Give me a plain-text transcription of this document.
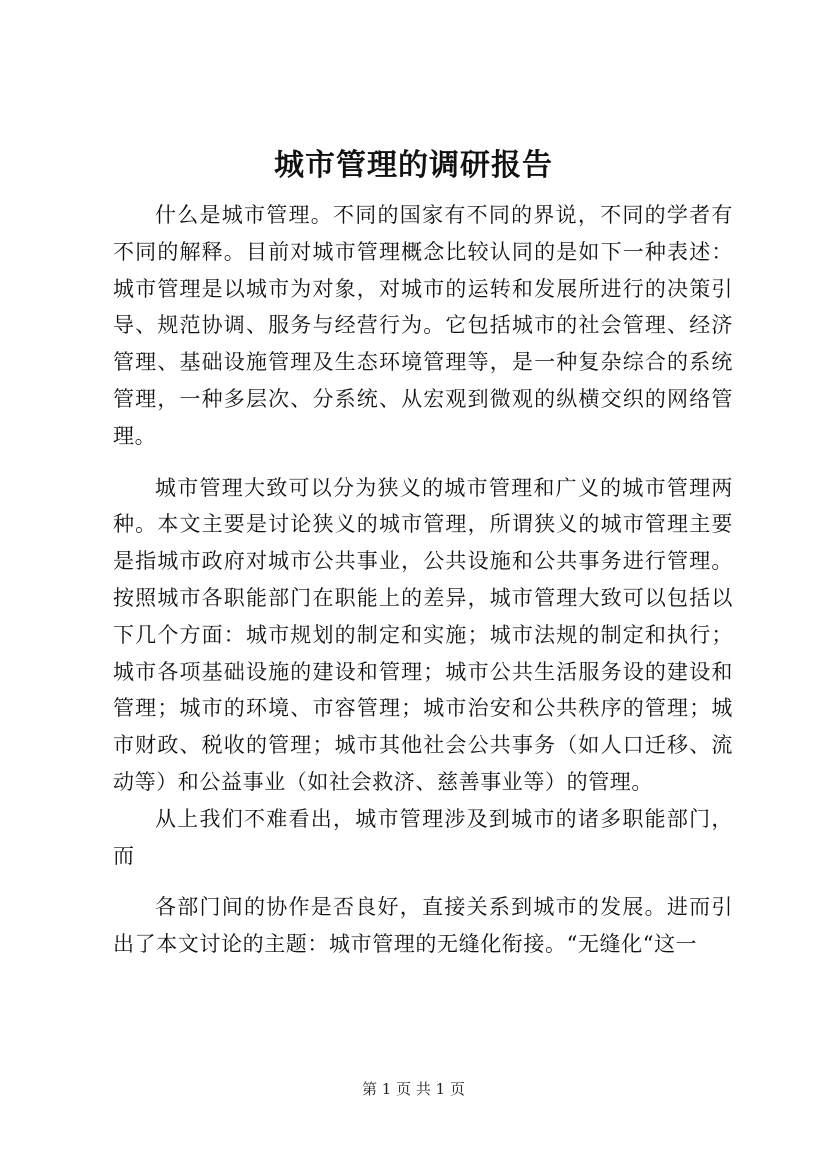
城市管理的调研报告

什么是城市管理。不同的国家有不同的界说，不同的学者有不同的解释。目前对城市管理概念比较认同的是如下一种表述：城市管理是以城市为对象，对城市的运转和发展所进行的决策引导、规范协调、服务与经营行为。它包括城市的社会管理、经济管理、基础设施管理及生态环境管理等，是一种复杂综合的系统管理，一种多层次、分系统、从宏观到微观的纵横交织的网络管理。

城市管理大致可以分为狭义的城市管理和广义的城市管理两种。本文主要是讨论狭义的城市管理，所谓狭义的城市管理主要是指城市政府对城市公共事业，公共设施和公共事务进行管理。按照城市各职能部门在职能上的差异，城市管理大致可以包括以下几个方面：城市规划的制定和实施；城市法规的制定和执行；城市各项基础设施的建设和管理；城市公共生活服务设的建设和管理；城市的环境、市容管理；城市治安和公共秩序的管理；城市财政、税收的管理；城市其他社会公共事务（如人口迁移、流动等）和公益事业（如社会救济、慈善事业等）的管理。

从上我们不难看出，城市管理涉及到城市的诸多职能部门，而

各部门间的协作是否良好，直接关系到城市的发展。进而引出了本文讨论的主题：城市管理的无缝化衔接。“无缝化“这一

第 1 页 共 1 页
